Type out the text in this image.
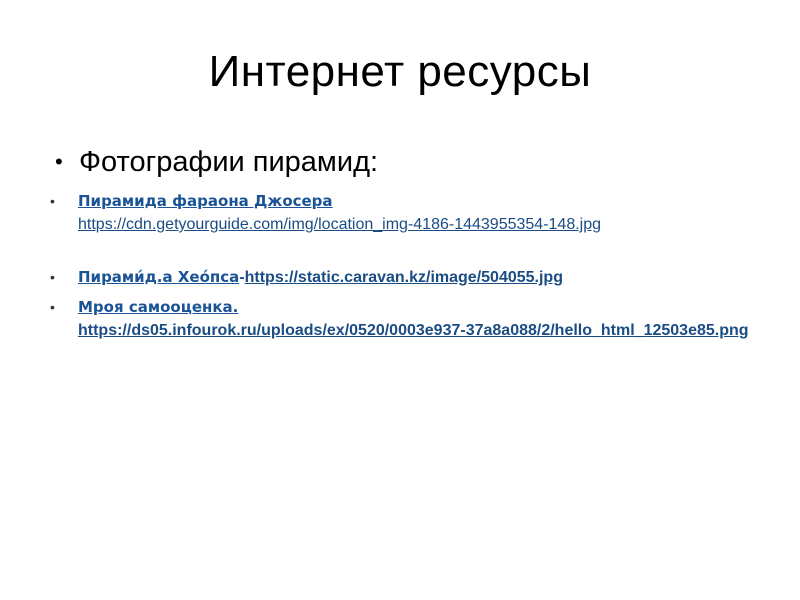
Интернет ресурсы
• Фотографии пирамид:
•	Пирамида фараона Джосера
https://cdn.getyourguide.com/img/location_img-4186-1443955354-148.jpg
•	Пирами́д.а Хео́пса-https://static.caravan.kz/image/504055.jpg
•	Мроя самооценка.
https://ds05.infourok.ru/uploads/ex/0520/0003e937-37a8a088/2/hello_html_12503e85.png
